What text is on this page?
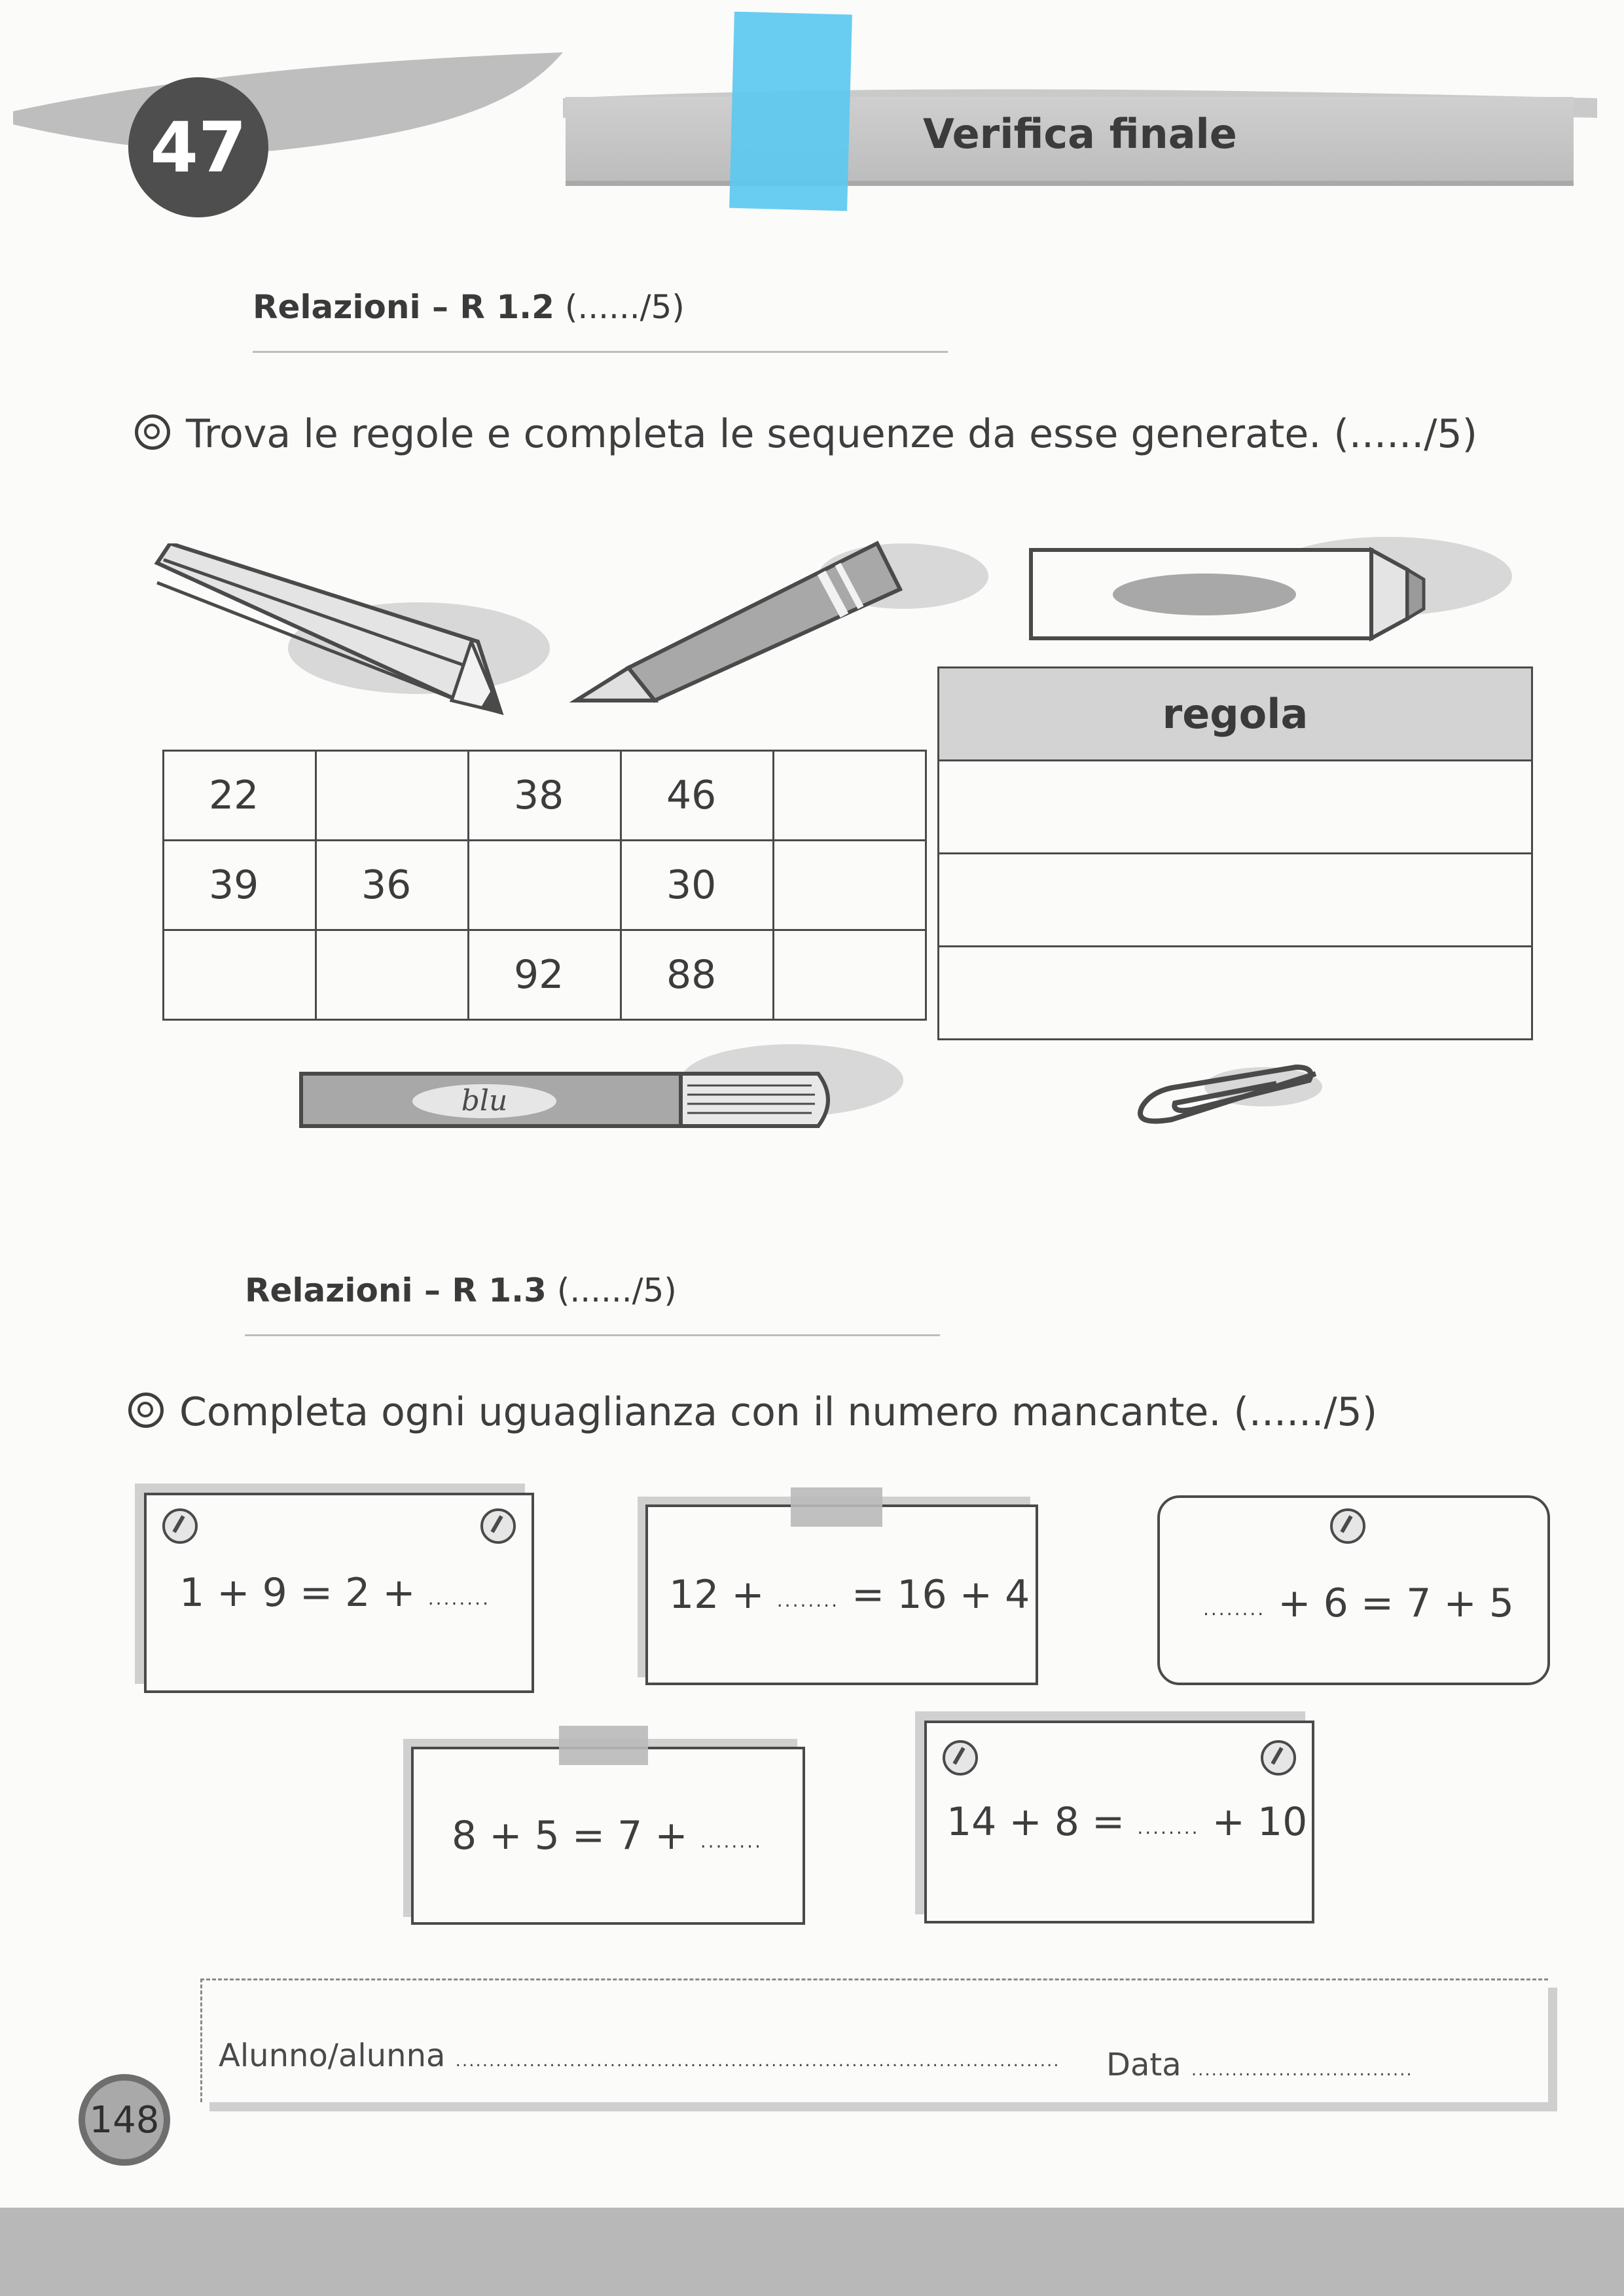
47	Verifica finale
Relazioni – R 1.2 (....../5)
Trova le regole e completa le sequenze da esse generate. (....../5)
regola

22		38	46	
39	36		30	
		92	88	
blu
Relazioni – R 1.3 (....../5)
Completa ogni uguaglianza con il numero mancante. (....../5)
1 + 9 = 2 + ........	12 + ........ = 16 + 4	........ + 6 = 7 + 5
8 + 5 = 7 + ........	14 + 8 = ........ + 10
Alunno/alunna .......................................................................................... Data .................................
148
